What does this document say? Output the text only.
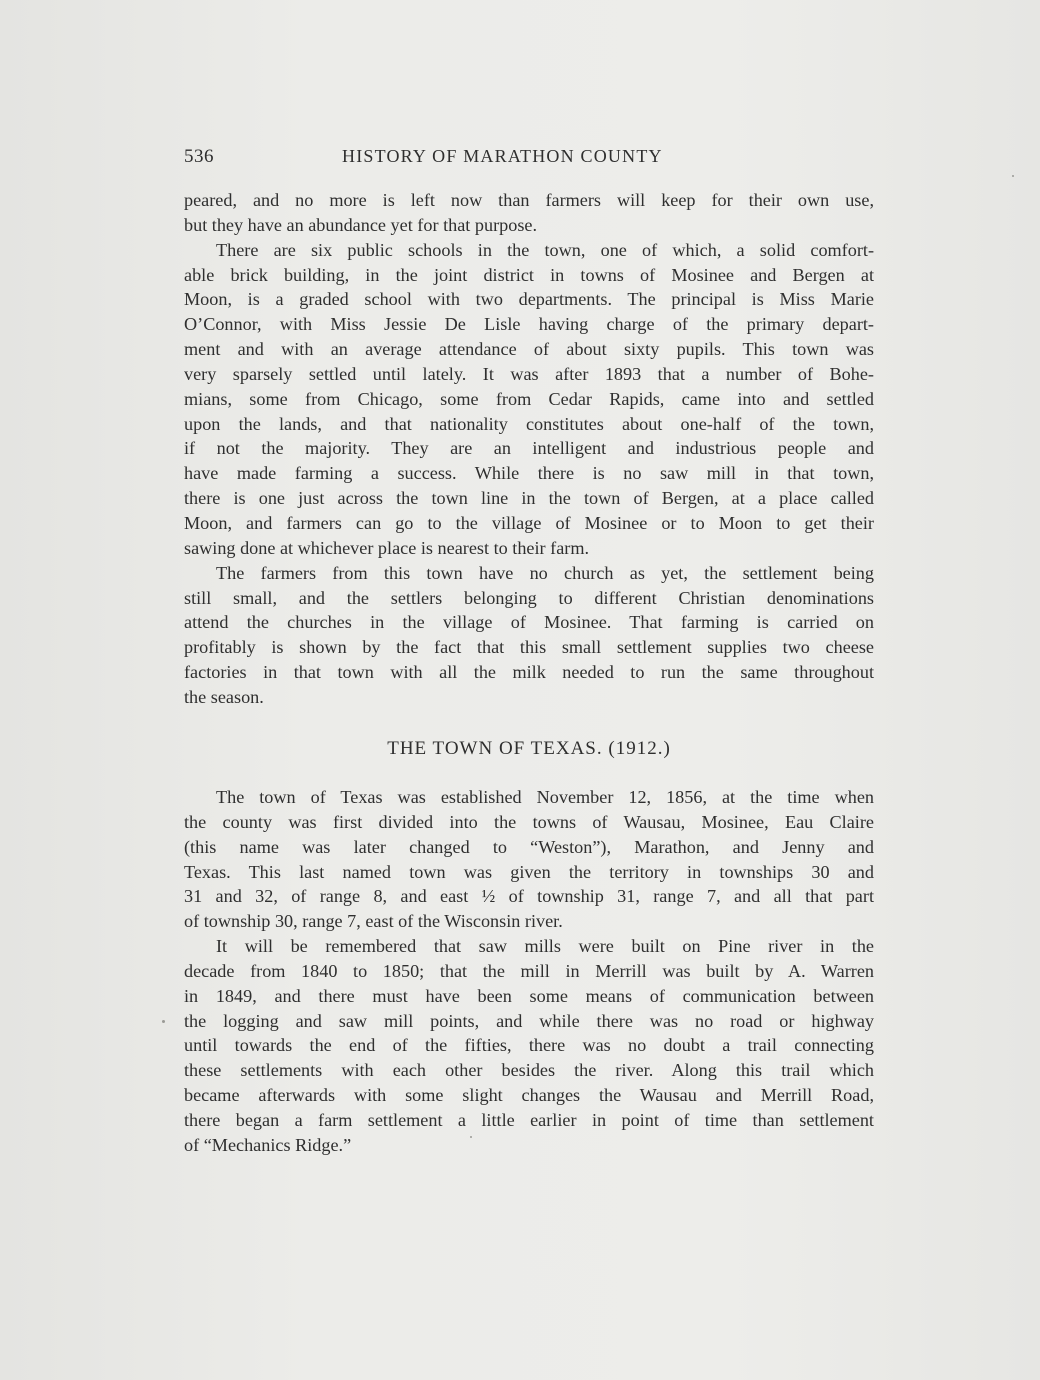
536	HISTORY OF MARATHON COUNTY

peared, and no more is left now than farmers will keep for their own use,
but they have an abundance yet for that purpose.

There are six public schools in the town, one of which, a solid comfort-
able brick building, in the joint district in towns of Mosinee and Bergen at
Moon, is a graded school with two departments. The principal is Miss Marie
O’Connor, with Miss Jessie De Lisle having charge of the primary depart-
ment and with an average attendance of about sixty pupils. This town was
very sparsely settled until lately. It was after 1893 that a number of Bohe-
mians, some from Chicago, some from Cedar Rapids, came into and settled
upon the lands, and that nationality constitutes about one-half of the town,
if not the majority. They are an intelligent and industrious people and
have made farming a success. While there is no saw mill in that town,
there is one just across the town line in the town of Bergen, at a place called
Moon, and farmers can go to the village of Mosinee or to Moon to get their
sawing done at whichever place is nearest to their farm.

The farmers from this town have no church as yet, the settlement being
still small, and the settlers belonging to different Christian denominations
attend the churches in the village of Mosinee. That farming is carried on
profitably is shown by the fact that this small settlement supplies two cheese
factories in that town with all the milk needed to run the same throughout
the season.

THE TOWN OF TEXAS. (1912.)

The town of Texas was established November 12, 1856, at the time when
the county was first divided into the towns of Wausau, Mosinee, Eau Claire
(this name was later changed to “Weston”), Marathon, and Jenny and
Texas. This last named town was given the territory in townships 30 and
31 and 32, of range 8, and east ½ of township 31, range 7, and all that part
of township 30, range 7, east of the Wisconsin river.

It will be remembered that saw mills were built on Pine river in the
decade from 1840 to 1850; that the mill in Merrill was built by A. Warren
in 1849, and there must have been some means of communication between
the logging and saw mill points, and while there was no road or highway
until towards the end of the fifties, there was no doubt a trail connecting
these settlements with each other besides the river. Along this trail which
became afterwards with some slight changes the Wausau and Merrill Road,
there began a farm settlement a little earlier in point of time than settlement
of “Mechanics Ridge.”
